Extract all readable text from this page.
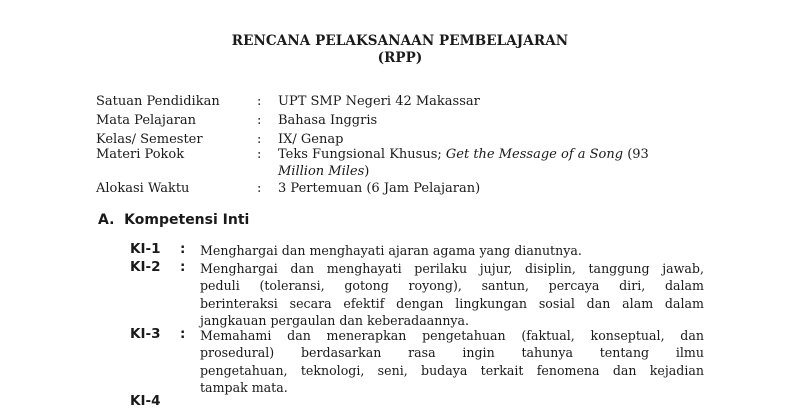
RENCANA PELAKSANAAN PEMBELAJARAN
(RPP)
Satuan Pendidikan	: UPT SMP Negeri 42 Makassar
Mata Pelajaran	: Bahasa Inggris
Kelas/ Semester	: IX/ Genap
Materi Pokok	: Teks Fungsional Khusus; Get the Message of a Song (93
Million Miles)
Alokasi Waktu	: 3 Pertemuan (6 Jam Pelajaran)
A. Kompetensi Inti
KI-1 : Menghargai dan menghayati ajaran agama yang dianutnya.
KI-2 : Menghargai dan menghayati perilaku jujur, disiplin, tanggung jawab,
peduli (toleransi, gotong royong), santun, percaya diri, dalam
berinteraksi secara efektif dengan lingkungan sosial dan alam dalam
jangkauan pergaulan dan keberadaannya.
KI-3 : Memahami dan menerapkan pengetahuan (faktual, konseptual, dan
prosedural) berdasarkan rasa ingin tahunya tentang ilmu
pengetahuan, teknologi, seni, budaya terkait fenomena dan kejadian
tampak mata.
KI-4
